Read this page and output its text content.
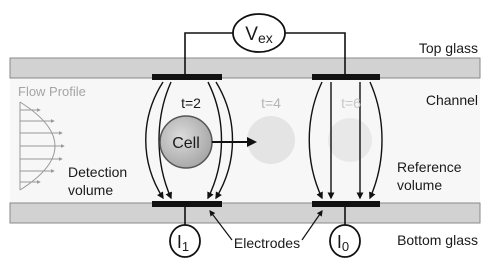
Vex
I1	I0
Electrodes
Top glass
Channel
Bottom glass
Flow Profile
t=2	t=4	t=6
Cell
Detection
volume
Reference
volume
